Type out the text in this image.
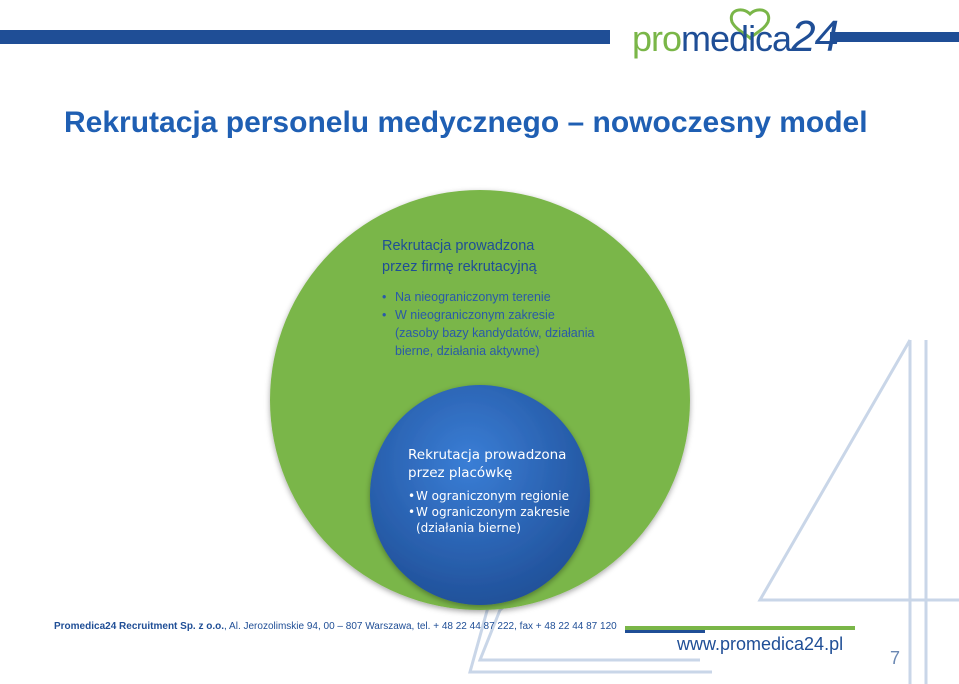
promedica24
Rekrutacja personelu medycznego – nowoczesny model
Rekrutacja prowadzona
przez firmę rekrutacyjną
• Na nieograniczonym terenie
• W nieograniczonym zakresie (zasoby bazy kandydatów, działania bierne, działania aktywne)
Rekrutacja prowadzona przez placówkę
• W ograniczonym regionie
• W ograniczonym zakresie (działania bierne)
Promedica24 Recruitment Sp. z o.o., Al. Jerozolimskie 94, 00 – 807 Warszawa, tel. + 48 22 44 87 222, fax + 48 22 44 87 120
www.promedica24.pl
7
